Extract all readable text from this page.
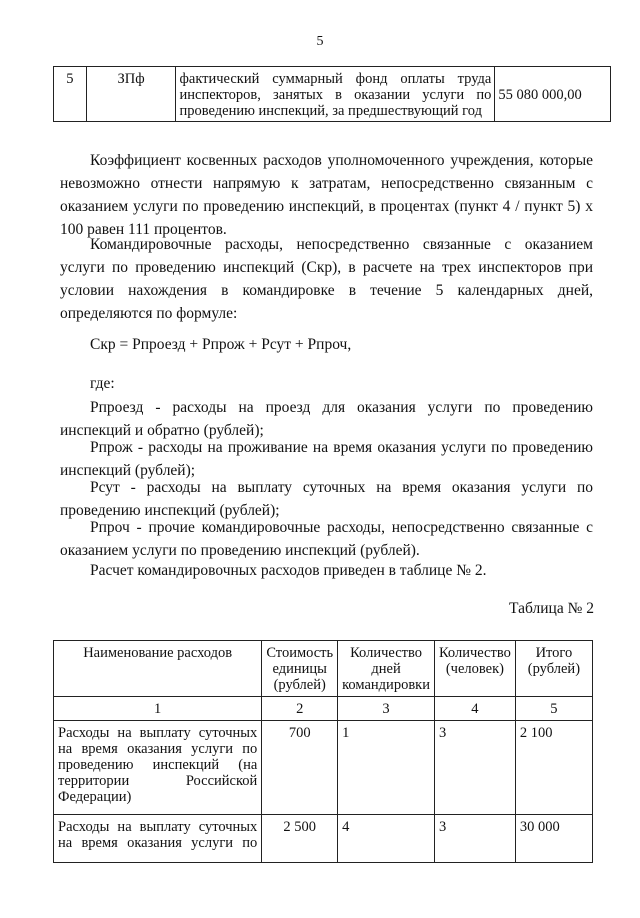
5
5	ЗПф	фактический суммарный фонд оплаты труда инспекторов, занятых в оказании услуги по проведению инспекций, за предшествующий год	55 080 000,00
Коэффициент косвенных расходов уполномоченного учреждения, которые невозможно отнести напрямую к затратам, непосредственно связанным с оказанием услуги по проведению инспекций, в процентах (пункт 4 / пункт 5) х 100 равен 111 процентов.
Командировочные расходы, непосредственно связанные с оказанием услуги по проведению инспекций (Скр), в расчете на трех инспекторов при условии нахождения в командировке в течение 5 календарных дней, определяются по формуле:
Скр = Рпроезд + Рпрож + Рсут + Рпроч,
где:
Рпроезд - расходы на проезд для оказания услуги по проведению инспекций и обратно (рублей);
Рпрож - расходы на проживание на время оказания услуги по проведению инспекций (рублей);
Рсут - расходы на выплату суточных на время оказания услуги по проведению инспекций (рублей);
Рпроч - прочие командировочные расходы, непосредственно связанные с оказанием услуги по проведению инспекций (рублей).
Расчет командировочных расходов приведен в таблице № 2.
Таблица № 2
Наименование расходов	Стоимость единицы (рублей)	Количество дней командировки	Количество (человек)	Итого (рублей)
1	2	3	4	5
Расходы на выплату суточных на время оказания услуги по проведению инспекций (на территории Российской Федерации)	700	1	3	2 100
Расходы на выплату суточных на время оказания услуги по	2 500	4	3	30 000
